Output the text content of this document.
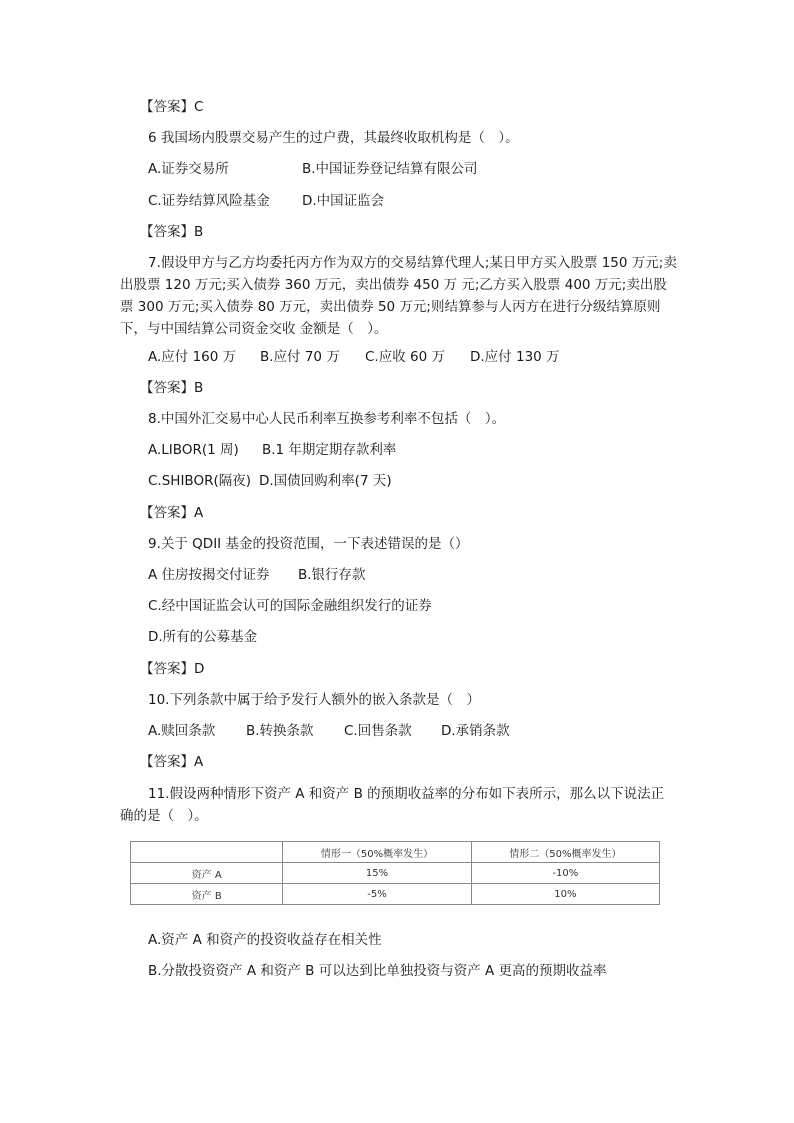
【答案】C
6 我国场内股票交易产生的过户费，其最终收取机构是（　）。
A.证券交易所	B.中国证券登记结算有限公司
C.证券结算风险基金 D.中国证监会
【答案】B
7.假设甲方与乙方均委托丙方作为双方的交易结算代理人;某日甲方买入股票 150 万元;卖
出股票 120 万元;买入债券 360 万元，卖出债券 450 万 元;乙方买入股票 400 万元;卖出股
票 300 万元;买入债券 80 万元，卖出债券 50 万元;则结算参与人丙方在进行分级结算原则
下，与中国结算公司资金交收 金额是（　）。
A.应付 160 万 B.应付 70 万 C.应收 60 万 D.应付 130 万
【答案】B
8.中国外汇交易中心人民币利率互换参考利率不包括（　）。
A.LIBOR(1 周) B.1 年期定期存款利率
C.SHIBOR(隔夜) D.国债回购利率(7 天)
【答案】A
9.关于 QDII 基金的投资范围，一下表述错误的是（）
A 住房按揭交付证券 B.银行存款
C.经中国证监会认可的国际金融组织发行的证券
D.所有的公募基金
【答案】D
10.下列条款中属于给予发行人额外的嵌入条款是（　）
A.赎回条款 B.转换条款 C.回售条款 D.承销条款
【答案】A
11.假设两种情形下资产 A 和资产 B 的预期收益率的分布如下表所示，那么以下说法正
确的是（　）。
	情形一（50%概率发生）	情形二（50%概率发生）
资产 A	15%	-10%
资产 B	-5%	10%
A.资产 A 和资产的投资收益存在相关性
B.分散投资资产 A 和资产 B 可以达到比单独投资与资产 A 更高的预期收益率
